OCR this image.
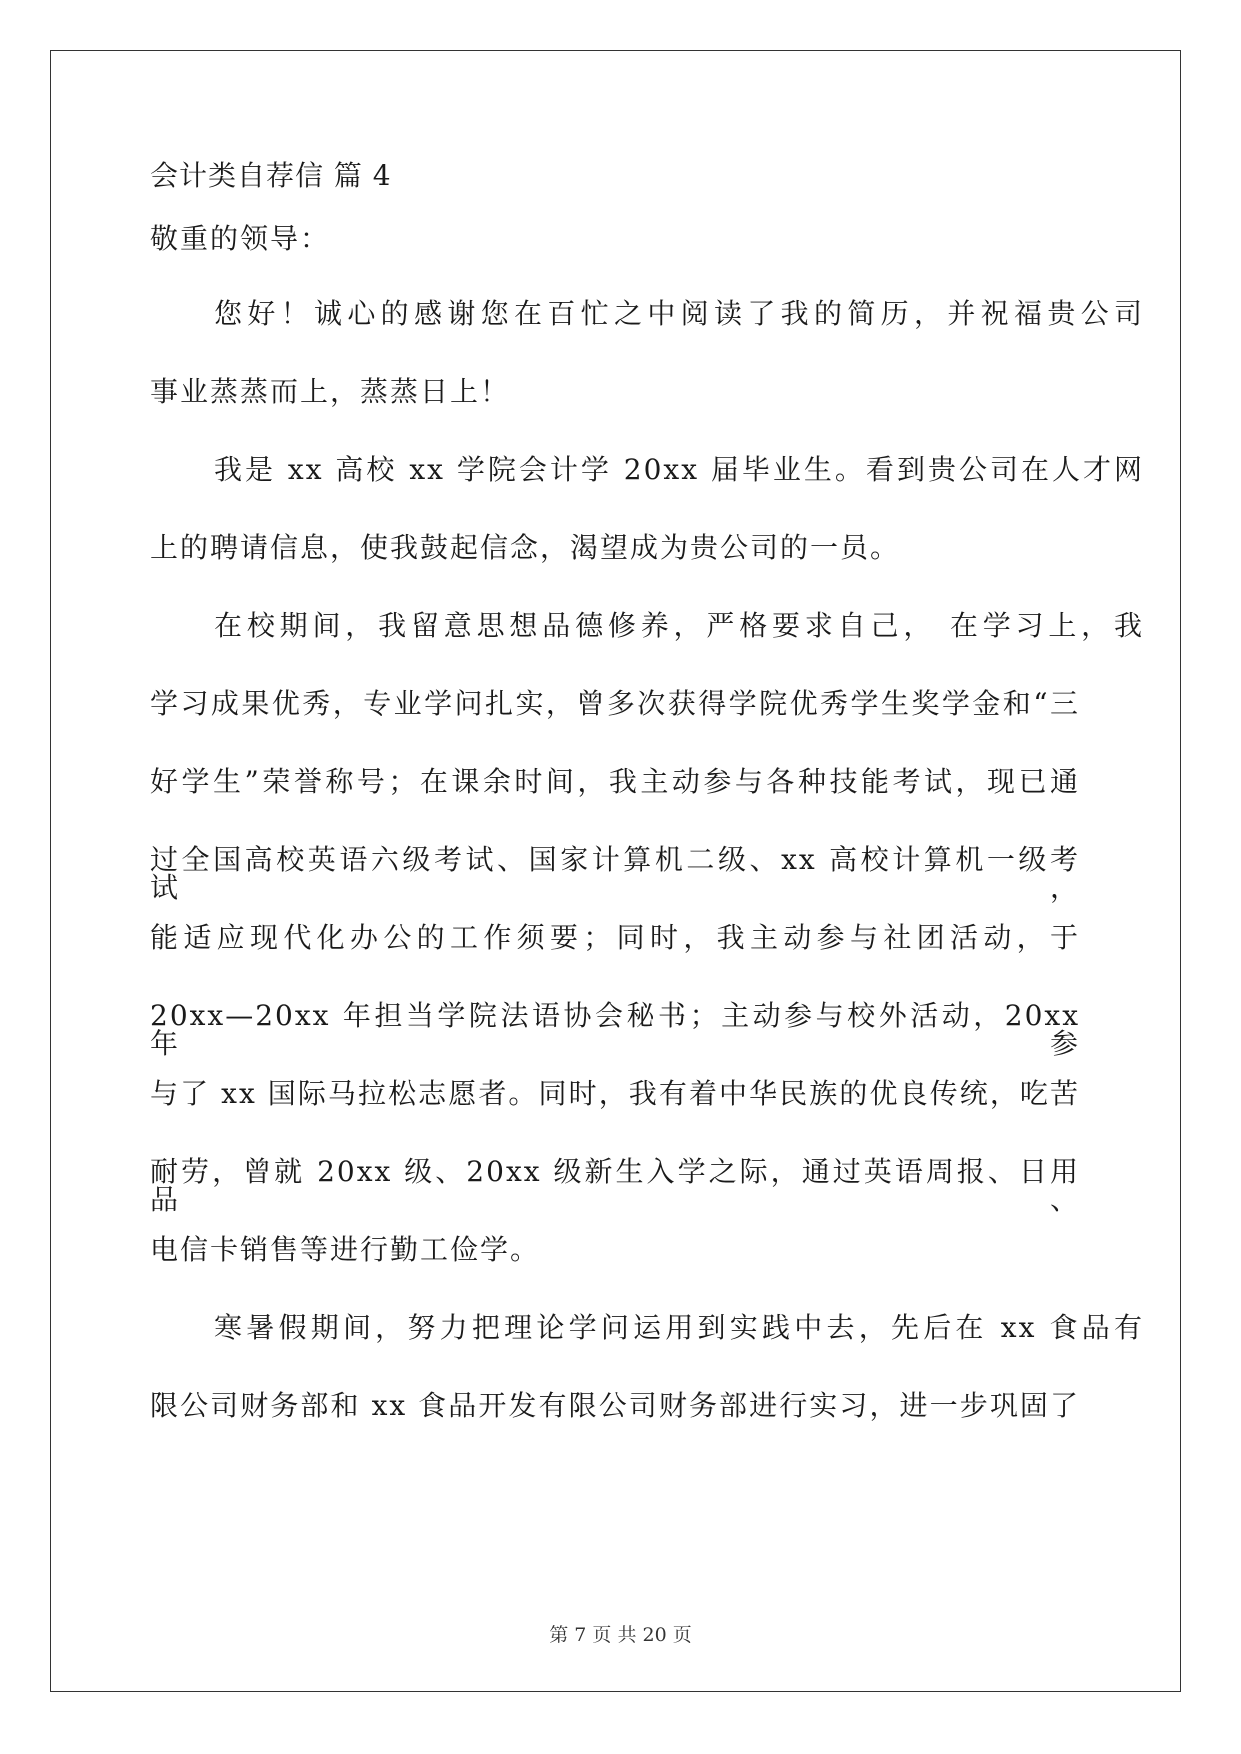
会计类自荐信 篇 4

敬重的领导：

您好！诚心的感谢您在百忙之中阅读了我的简历，并祝福贵公司

事业蒸蒸而上，蒸蒸日上！

我是 xx 高校 xx 学院会计学 20xx 届毕业生。看到贵公司在人才网

上的聘请信息，使我鼓起信念，渴望成为贵公司的一员。

在校期间，我留意思想品德修养，严格要求自己， 在学习上，我

学习成果优秀，专业学问扎实，曾多次获得学院优秀学生奖学金和“三

好学生”荣誉称号；在课余时间，我主动参与各种技能考试，现已通

过全国高校英语六级考试、国家计算机二级、xx 高校计算机一级考试，

能适应现代化办公的工作须要；同时，我主动参与社团活动，于

20xx—20xx 年担当学院法语协会秘书；主动参与校外活动，20xx 年参

与了 xx 国际马拉松志愿者。同时，我有着中华民族的优良传统，吃苦

耐劳，曾就 20xx 级、20xx 级新生入学之际，通过英语周报、日用品、

电信卡销售等进行勤工俭学。

寒暑假期间，努力把理论学问运用到实践中去，先后在 xx 食品有

限公司财务部和 xx 食品开发有限公司财务部进行实习，进一步巩固了

第 7 页 共 20 页
